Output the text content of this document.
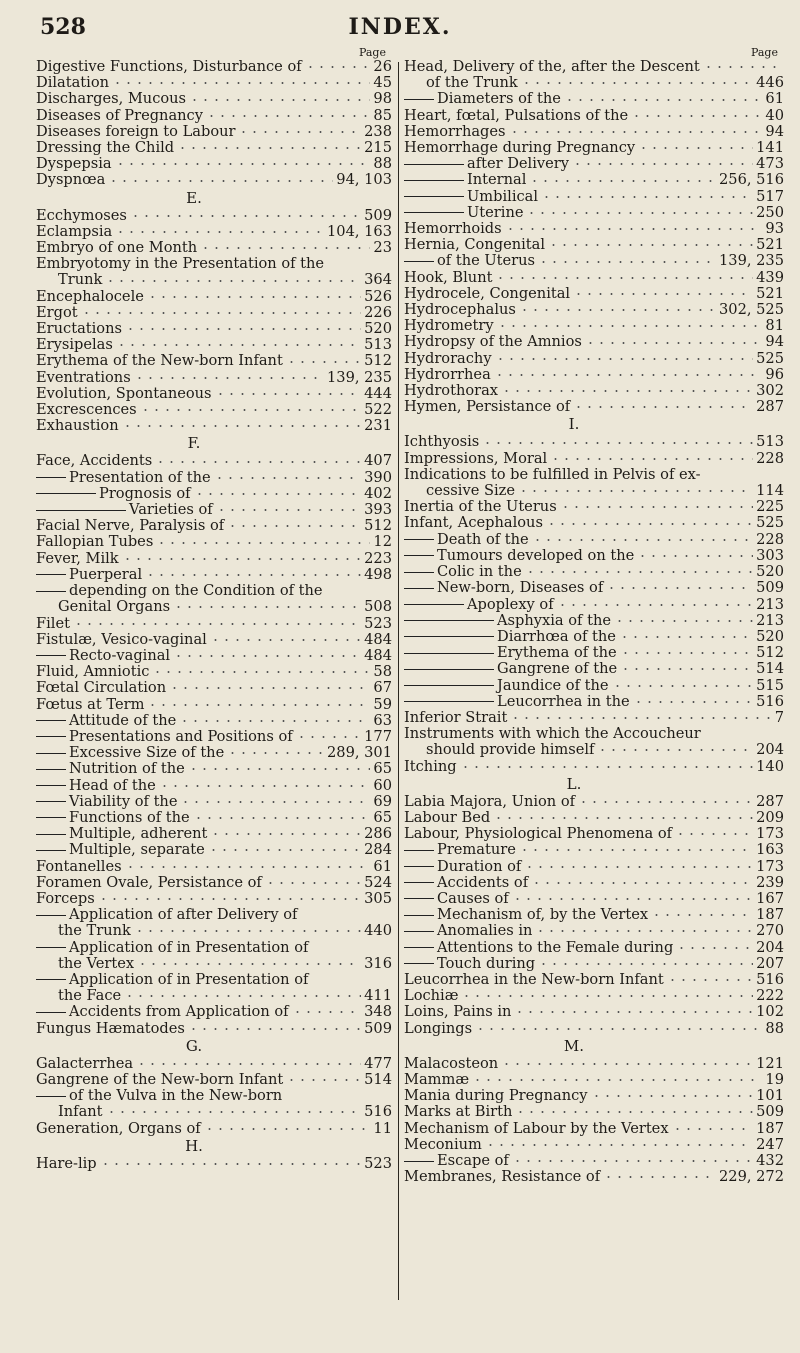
528	INDEX.
Page
Digestive Functions, Disturbance of	26
Dilatation	45
Discharges, Mucous	98
Diseases of Pregnancy	85
Diseases foreign to Labour	238
Dressing the Child	215
Dyspepsia	88
Dyspnœa	94, 103
E.
Ecchymoses	509
Eclampsia	104, 163
Embryo of one Month	23
Embryotomy in the Presentation of the
Trunk	364
Encephalocele	526
Ergot	226
Eructations	520
Erysipelas	513
Erythema of the New-born Infant	512
Eventrations	139, 235
Evolution, Spontaneous	444
Excrescences	522
Exhaustion	231
F.
Face, Accidents	407
Presentation of the	390
Prognosis of	402
Varieties of	393
Facial Nerve, Paralysis of	512
Fallopian Tubes	12
Fever, Milk	223
Puerperal	498
depending on the Condition of the
Genital Organs	508
Filet	523
Fistulæ, Vesico-vaginal	484
Recto-vaginal	484
Fluid, Amniotic	58
Fœtal Circulation	67
Fœtus at Term	59
Attitude of the	63
Presentations and Positions of	177
Excessive Size of the	289, 301
Nutrition of the	65
Head of the	60
Viability of the	69
Functions of the	65
Multiple, adherent	286
Multiple, separate	284
Fontanelles	61
Foramen Ovale, Persistance of	524
Forceps	305
Application of after Delivery of
the Trunk	440
Application of in Presentation of
the Vertex	316
Application of in Presentation of
the Face	411
Accidents from Application of	348
Fungus Hæmatodes	509
G.
Galacterrhea	477
Gangrene of the New-born Infant	514
of the Vulva in the New-born
Infant	516
Generation, Organs of	11
H.
Hare-lip	523
Page
Head, Delivery of the, after the Descent
of the Trunk	446
Diameters of the	61
Heart, fœtal, Pulsations of the	40
Hemorrhages	94
Hemorrhage during Pregnancy	141
after Delivery	473
Internal	256, 516
Umbilical	517
Uterine	250
Hemorrhoids	93
Hernia, Congenital	521
of the Uterus	139, 235
Hook, Blunt	439
Hydrocele, Congenital	521
Hydrocephalus	302, 525
Hydrometry	81
Hydropsy of the Amnios	94
Hydrorachy	525
Hydrorrhea	96
Hydrothorax	302
Hymen, Persistance of	287
I.
Ichthyosis	513
Impressions, Moral	228
Indications to be fulfilled in Pelvis of ex-
cessive Size	114
Inertia of the Uterus	225
Infant, Acephalous	525
Death of the	228
Tumours developed on the	303
Colic in the	520
New-born, Diseases of	509
Apoplexy of	213
Asphyxia of the	213
Diarrhœa of the	520
Erythema of the	512
Gangrene of the	514
Jaundice of the	515
Leucorrhea in the	516
Inferior Strait	7
Instruments with which the Accoucheur
should provide himself	204
Itching	140
L.
Labia Majora, Union of	287
Labour Bed	209
Labour, Physiological Phenomena of	173
Premature	163
Duration of	173
Accidents of	239
Causes of	167
Mechanism of, by the Vertex	187
Anomalies in	270
Attentions to the Female during	204
Touch during	207
Leucorrhea in the New-born Infant	516
Lochiæ	222
Loins, Pains in	102
Longings	88
M.
Malacosteon	121
Mammæ	19
Mania during Pregnancy	101
Marks at Birth	509
Mechanism of Labour by the Vertex	187
Meconium	247
Escape of	432
Membranes, Resistance of	229, 272
